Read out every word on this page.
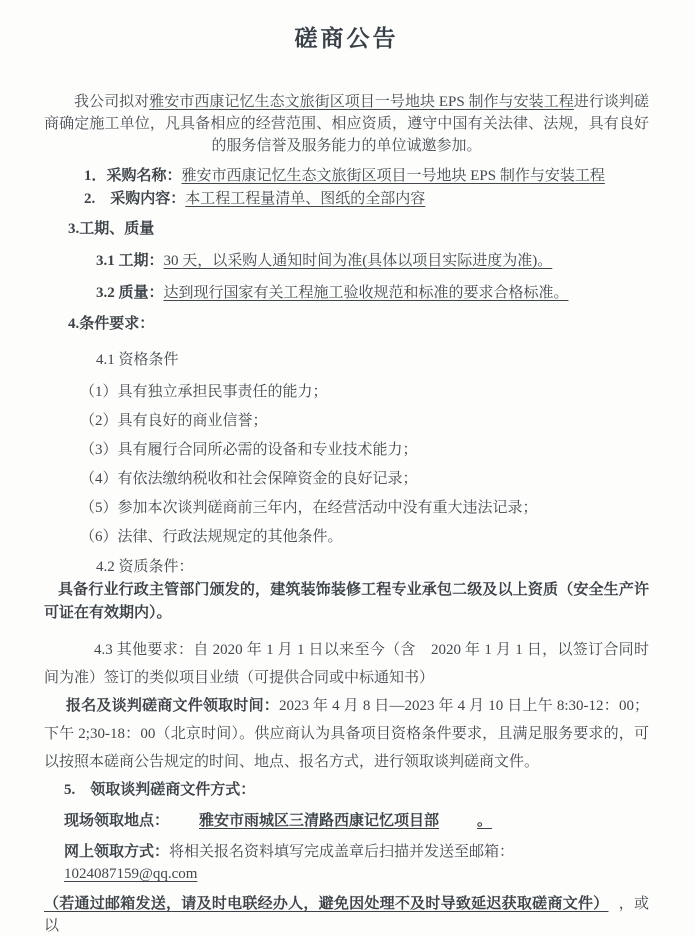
磋商公告

我公司拟对雅安市西康记忆生态文旅街区项目一号地块 EPS 制作与安装工程进行谈判磋商确定施工单位，凡具备相应的经营范围、相应资质，遵守中国有关法律、法规，具有良好的服务信誉及服务能力的单位诚邀参加。

1．采购名称：雅安市西康记忆生态文旅街区项目一号地块 EPS 制作与安装工程
2.　采购内容：本工程工程量清单、图纸的全部内容
3.工期、质量
3.1 工期：30 天，以采购人通知时间为准(具体以项目实际进度为准)。
3.2 质量：达到现行国家有关工程施工验收规范和标准的要求合格标准。
4.条件要求：
4.1 资格条件
（1）具有独立承担民事责任的能力；
（2）具有良好的商业信誉；
（3）具有履行合同所必需的设备和专业技术能力；
（4）有依法缴纳税收和社会保障资金的良好记录；
（5）参加本次谈判磋商前三年内，在经营活动中没有重大违法记录；
（6）法律、行政法规规定的其他条件。
4.2 资质条件：

具备行业行政主管部门颁发的，建筑装饰装修工程专业承包二级及以上资质（安全生产许可证在有效期内）。

4.3 其他要求：自 2020 年 1 月 1 日以来至今（含　2020 年 1 月 1 日，以签订合同时间为准）签订的类似项目业绩（可提供合同或中标通知书）

报名及谈判磋商文件领取时间：2023 年 4 月 8 日—2023 年 4 月 10 日上午 8:30-12：00；下午 2;30-18：00（北京时间）。供应商认为具备项目资格条件要求，且满足服务要求的，可以按照本磋商公告规定的时间、地点、报名方式，进行领取谈判磋商文件。

5.　领取谈判磋商文件方式：
现场领取地点： 雅安市雨城区三清路西康记忆项目部	。
网上领取方式：将相关报名资料填写完成盖章后扫描并发送至邮箱：1024087159@qq.com
（若通过邮箱发送，请及时电联经办人，避免因处理不及时导致延迟获取磋商文件） ，或以
